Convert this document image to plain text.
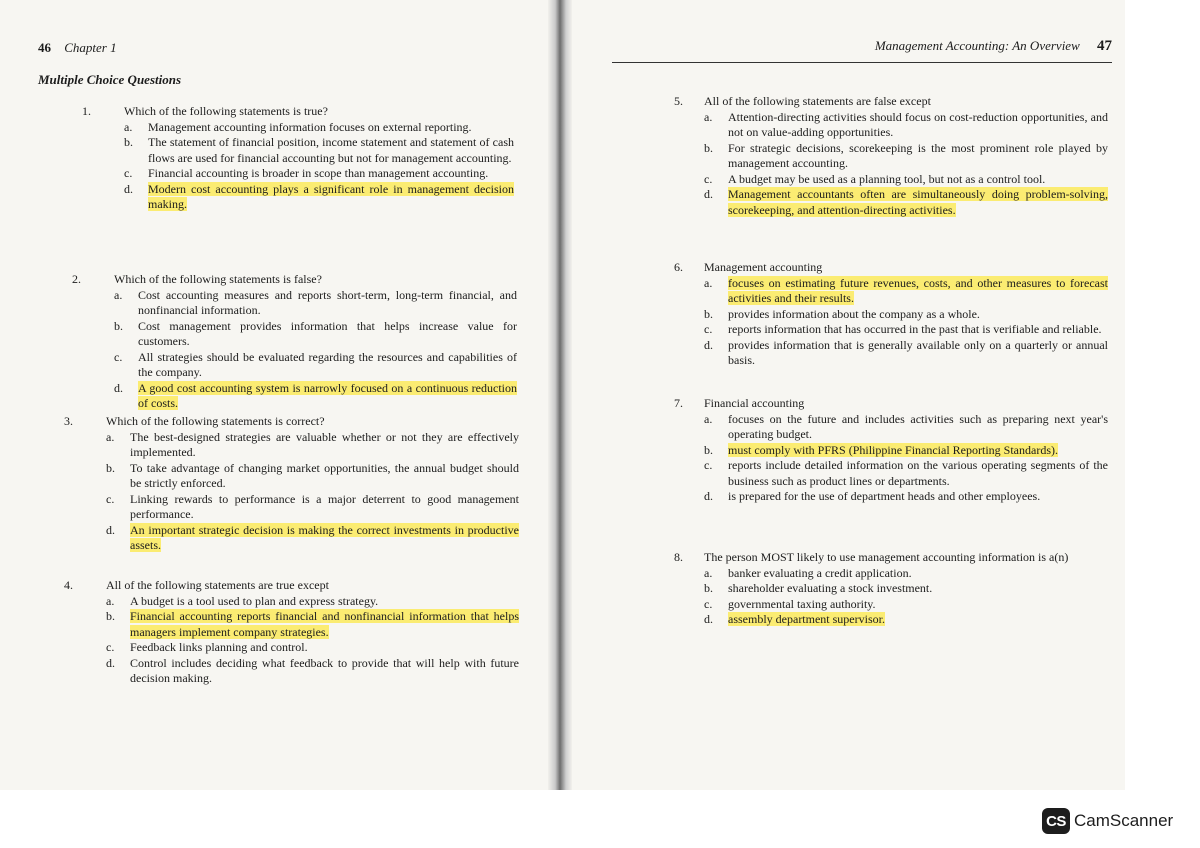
46 Chapter 1
Multiple Choice Questions
Management Accounting: An Overview 47
1.	Which of the following statements is true?
a. Management accounting information focuses on external reporting.
b. The statement of financial position, income statement and statement of cash flows are used for financial accounting but not for management accounting.
c. Financial accounting is broader in scope than management accounting.
d. Modern cost accounting plays a significant role in management decision making.
2.	Which of the following statements is false?
a. Cost accounting measures and reports short-term, long-term financial, and nonfinancial information.
b. Cost management provides information that helps increase value for customers.
c. All strategies should be evaluated regarding the resources and capabilities of the company.
d. A good cost accounting system is narrowly focused on a continuous reduction of costs.
3.	Which of the following statements is correct?
a. The best-designed strategies are valuable whether or not they are effectively implemented.
b. To take advantage of changing market opportunities, the annual budget should be strictly enforced.
c. Linking rewards to performance is a major deterrent to good management performance.
d. An important strategic decision is making the correct investments in productive assets.
4.	All of the following statements are true except
a. A budget is a tool used to plan and express strategy.
b. Financial accounting reports financial and nonfinancial information that helps managers implement company strategies.
c. Feedback links planning and control.
d. Control includes deciding what feedback to provide that will help with future decision making.
5. All of the following statements are false except
a. Attention-directing activities should focus on cost-reduction opportunities, and not on value-adding opportunities.
b. For strategic decisions, scorekeeping is the most prominent role played by management accounting.
c. A budget may be used as a planning tool, but not as a control tool.
d. Management accountants often are simultaneously doing problem-solving, scorekeeping, and attention-directing activities.
6. Management accounting
a. focuses on estimating future revenues, costs, and other measures to forecast activities and their results.
b. provides information about the company as a whole.
c. reports information that has occurred in the past that is verifiable and reliable.
d. provides information that is generally available only on a quarterly or annual basis.
7. Financial accounting
a. focuses on the future and includes activities such as preparing next year's operating budget.
b. must comply with PFRS (Philippine Financial Reporting Standards).
c. reports include detailed information on the various operating segments of the business such as product lines or departments.
d. is prepared for the use of department heads and other employees.
8. The person MOST likely to use management accounting information is a(n)
a. banker evaluating a credit application.
b. shareholder evaluating a stock investment.
c. governmental taxing authority.
d. assembly department supervisor.
CS CamScanner
